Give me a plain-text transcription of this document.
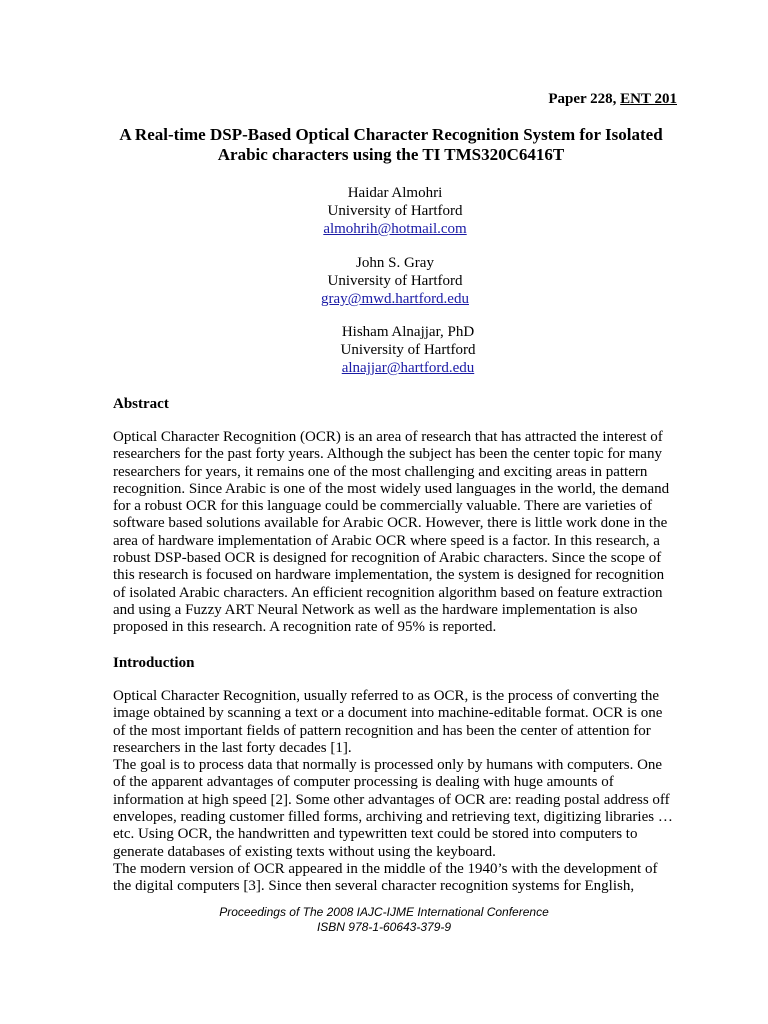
Paper 228, ENT 201
A Real-time DSP-Based Optical Character Recognition System for Isolated
Arabic characters using the TI TMS320C6416T
Haidar Almohri
University of Hartford
almohrih@hotmail.com
John S. Gray
University of Hartford
gray@mwd.hartford.edu
Hisham Alnajjar, PhD
University of Hartford
alnajjar@hartford.edu
Abstract
Optical Character Recognition (OCR) is an area of research that has attracted the interest of
researchers for the past forty years. Although the subject has been the center topic for many
researchers for years, it remains one of the most challenging and exciting areas in pattern
recognition. Since Arabic is one of the most widely used languages in the world, the demand
for a robust OCR for this language could be commercially valuable. There are varieties of
software based solutions available for Arabic OCR. However, there is little work done in the
area of hardware implementation of Arabic OCR where speed is a factor. In this research, a
robust DSP-based OCR is designed for recognition of Arabic characters. Since the scope of
this research is focused on hardware implementation, the system is designed for recognition
of isolated Arabic characters. An efficient recognition algorithm based on feature extraction
and using a Fuzzy ART Neural Network as well as the hardware implementation is also
proposed in this research. A recognition rate of 95% is reported.
Introduction
Optical Character Recognition, usually referred to as OCR, is the process of converting the
image obtained by scanning a text or a document into machine-editable format. OCR is one
of the most important fields of pattern recognition and has been the center of attention for
researchers in the last forty decades [1].
The goal is to process data that normally is processed only by humans with computers. One
of the apparent advantages of computer processing is dealing with huge amounts of
information at high speed [2]. Some other advantages of OCR are: reading postal address off
envelopes, reading customer filled forms, archiving and retrieving text, digitizing libraries …
etc. Using OCR, the handwritten and typewritten text could be stored into computers to
generate databases of existing texts without using the keyboard.
The modern version of OCR appeared in the middle of the 1940’s with the development of
the digital computers [3]. Since then several character recognition systems for English,
Proceedings of The 2008 IAJC-IJME International Conference
ISBN 978-1-60643-379-9
